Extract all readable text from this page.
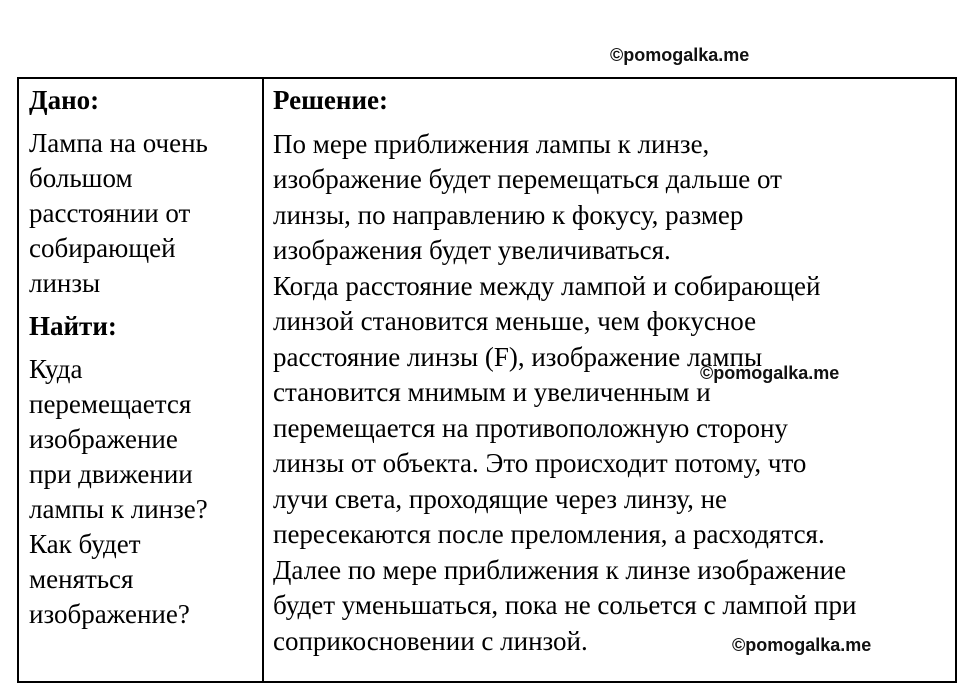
©pomogalka.me
Дано:
Лампа на очень
большом
расстоянии от
собирающей
линзы
Найти:
Куда
перемещается
изображение
при движении
лампы к линзе?
Как будет
меняться
изображение?
Решение:
По мере приближения лампы к линзе,
изображение будет перемещаться дальше от
линзы, по направлению к фокусу, размер
изображения будет увеличиваться.
Когда расстояние между лампой и собирающей
линзой становится меньше, чем фокусное
расстояние линзы (F), изображение лампы
становится мнимым и увеличенным и
перемещается на противоположную сторону
линзы от объекта. Это происходит потому, что
лучи света, проходящие через линзу, не
пересекаются после преломления, а расходятся.
Далее по мере приближения к линзе изображение
будет уменьшаться, пока не сольется с лампой при
соприкосновении с линзой.
©pomogalka.me
©pomogalka.me
